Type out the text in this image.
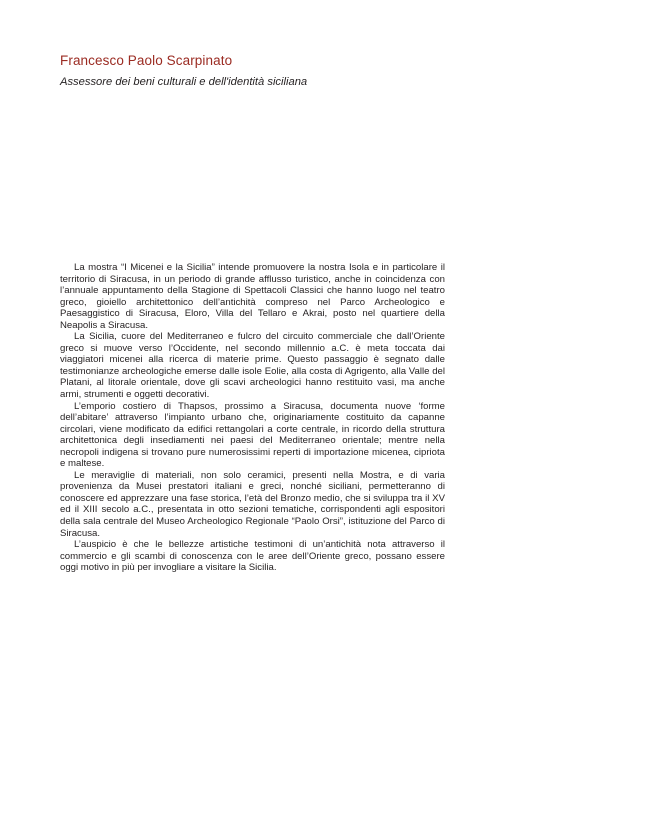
Francesco Paolo Scarpinato
Assessore dei beni culturali e dell'identità siciliana

La mostra “I Micenei e la Sicilia” intende promuovere la nostra Isola e in particolare il territorio di Siracusa, in un periodo di grande afflusso turistico, anche in coincidenza con l’annuale appuntamento della Stagione di Spettacoli Classici che hanno luogo nel teatro greco, gioiello architettonico dell’antichità compreso nel Parco Archeologico e Paesaggistico di Siracusa, Eloro, Villa del Tellaro e Akrai, posto nel quartiere della Neapolis a Siracusa.

La Sicilia, cuore del Mediterraneo e fulcro del circuito commerciale che dall’Oriente greco si muove verso l’Occidente, nel secondo millennio a.C. è meta toccata dai viaggiatori micenei alla ricerca di materie prime. Questo passaggio è segnato dalle testimonianze archeologiche emerse dalle isole Eolie, alla costa di Agrigento, alla Valle del Platani, al litorale orientale, dove gli scavi archeologici hanno restituito vasi, ma anche armi, strumenti e oggetti decorativi.

L’emporio costiero di Thapsos, prossimo a Siracusa, documenta nuove ‘forme dell’abitare’ attraverso l’impianto urbano che, originariamente costituito da capanne circolari, viene modificato da edifici rettangolari a corte centrale, in ricordo della struttura architettonica degli insediamenti nei paesi del Mediterraneo orientale; mentre nella necropoli indigena si trovano pure numerosissimi reperti di importazione micenea, cipriota e maltese.

Le meraviglie di materiali, non solo ceramici, presenti nella Mostra, e di varia provenienza da Musei prestatori italiani e greci, nonché siciliani, permetteranno di conoscere ed apprezzare una fase storica, l’età del Bronzo medio, che si sviluppa tra il XV ed il XIII secolo a.C., presentata in otto sezioni tematiche, corrispondenti agli espositori della sala centrale del Museo Archeologico Regionale “Paolo Orsi”, istituzione del Parco di Siracusa.

L’auspicio è che le bellezze artistiche testimoni di un’antichità nota attraverso il commercio e gli scambi di conoscenza con le aree dell’Oriente greco, possano essere oggi motivo in più per invogliare a visitare la Sicilia.
